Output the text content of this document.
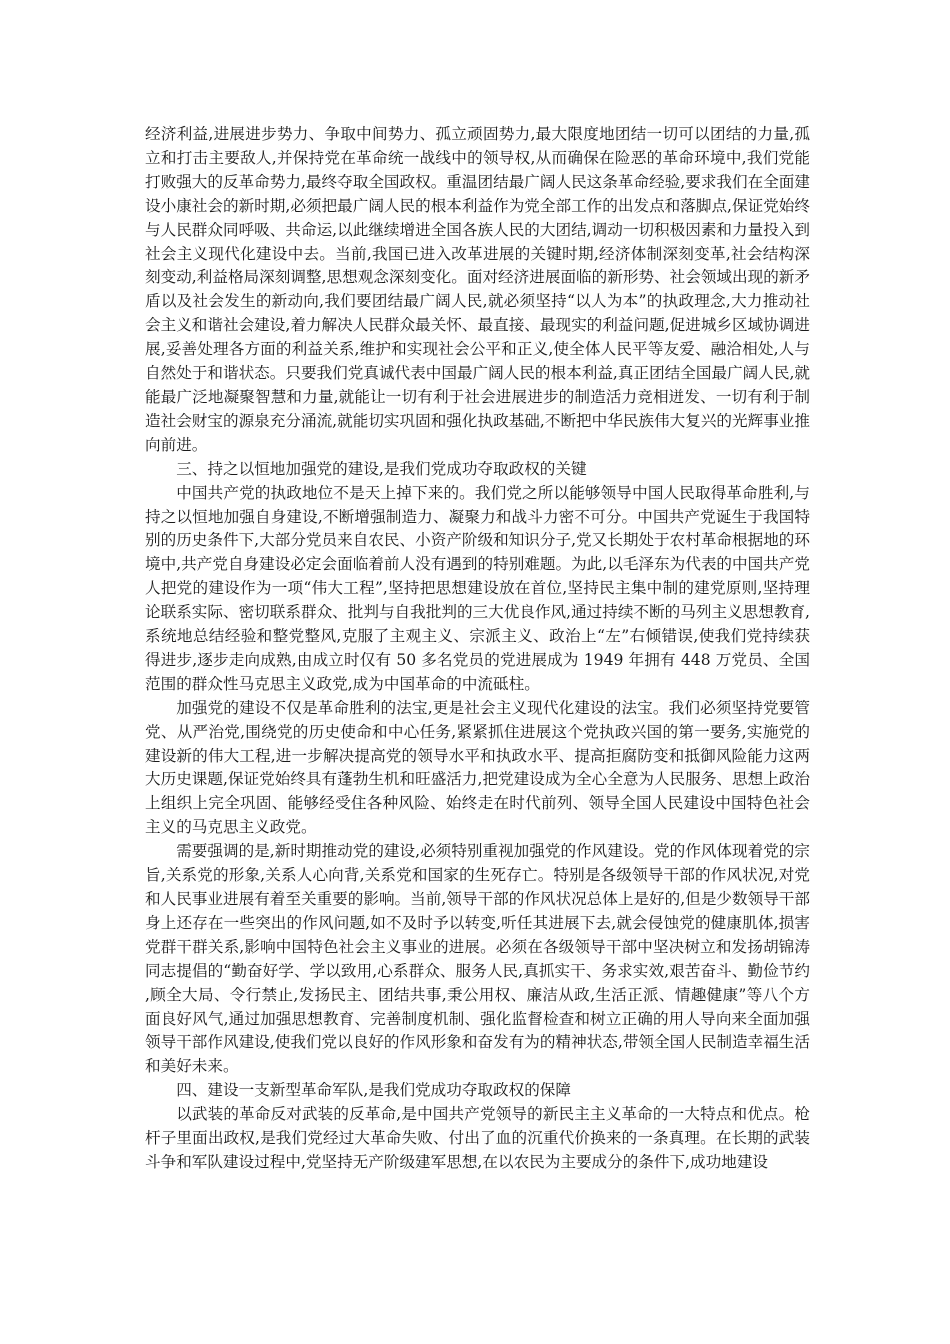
经济利益,进展进步势力、争取中间势力、孤立顽固势力,最大限度地团结一切可以团结的力量,孤立和打击主要敌人,并保持党在革命统一战线中的领导权,从而确保在险恶的革命环境中,我们党能打败强大的反革命势力,最终夺取全国政权。重温团结最广阔人民这条革命经验,要求我们在全面建设小康社会的新时期,必须把最广阔人民的根本利益作为党全部工作的出发点和落脚点,保证党始终与人民群众同呼吸、共命运,以此继续增进全国各族人民的大团结,调动一切积极因素和力量投入到社会主义现代化建设中去。当前,我国已进入改革进展的关键时期,经济体制深刻变革,社会结构深刻变动,利益格局深刻调整,思想观念深刻变化。面对经济进展面临的新形势、社会领域出现的新矛盾以及社会发生的新动向,我们要团结最广阔人民,就必须坚持“以人为本”的执政理念,大力推动社会主义和谐社会建设,着力解决人民群众最关怀、最直接、最现实的利益问题,促进城乡区域协调进展,妥善处理各方面的利益关系,维护和实现社会公平和正义,使全体人民平等友爱、融洽相处,人与自然处于和谐状态。只要我们党真诚代表中国最广阔人民的根本利益,真正团结全国最广阔人民,就能最广泛地凝聚智慧和力量,就能让一切有利于社会进展进步的制造活力竞相迸发、一切有利于制造社会财宝的源泉充分涌流,就能切实巩固和强化执政基础,不断把中华民族伟大复兴的光辉事业推向前进。

三、持之以恒地加强党的建设,是我们党成功夺取政权的关键

中国共产党的执政地位不是天上掉下来的。我们党之所以能够领导中国人民取得革命胜利,与持之以恒地加强自身建设,不断增强制造力、凝聚力和战斗力密不可分。中国共产党诞生于我国特别的历史条件下,大部分党员来自农民、小资产阶级和知识分子,党又长期处于农村革命根据地的环境中,共产党自身建设必定会面临着前人没有遇到的特别难题。为此,以毛泽东为代表的中国共产党人把党的建设作为一项“伟大工程”,坚持把思想建设放在首位,坚持民主集中制的建党原则,坚持理论联系实际、密切联系群众、批判与自我批判的三大优良作风,通过持续不断的马列主义思想教育,系统地总结经验和整党整风,克服了主观主义、宗派主义、政治上“左”右倾错误,使我们党持续获得进步,逐步走向成熟,由成立时仅有 50 多名党员的党进展成为 1949 年拥有 448 万党员、全国范围的群众性马克思主义政党,成为中国革命的中流砥柱。

加强党的建设不仅是革命胜利的法宝,更是社会主义现代化建设的法宝。我们必须坚持党要管党、从严治党,围绕党的历史使命和中心任务,紧紧抓住进展这个党执政兴国的第一要务,实施党的建设新的伟大工程,进一步解决提高党的领导水平和执政水平、提高拒腐防变和抵御风险能力这两大历史课题,保证党始终具有蓬勃生机和旺盛活力,把党建设成为全心全意为人民服务、思想上政治上组织上完全巩固、能够经受住各种风险、始终走在时代前列、领导全国人民建设中国特色社会主义的马克思主义政党。

需要强调的是,新时期推动党的建设,必须特别重视加强党的作风建设。党的作风体现着党的宗旨,关系党的形象,关系人心向背,关系党和国家的生死存亡。特别是各级领导干部的作风状况,对党和人民事业进展有着至关重要的影响。当前,领导干部的作风状况总体上是好的,但是少数领导干部身上还存在一些突出的作风问题,如不及时予以转变,听任其进展下去,就会侵蚀党的健康肌体,损害党群干群关系,影响中国特色社会主义事业的进展。必须在各级领导干部中坚决树立和发扬胡锦涛同志提倡的“勤奋好学、学以致用,心系群众、服务人民,真抓实干、务求实效,艰苦奋斗、勤俭节约,顾全大局、令行禁止,发扬民主、团结共事,秉公用权、廉洁从政,生活正派、情趣健康”等八个方面良好风气,通过加强思想教育、完善制度机制、强化监督检查和树立正确的用人导向来全面加强领导干部作风建设,使我们党以良好的作风形象和奋发有为的精神状态,带领全国人民制造幸福生活和美好未来。

四、建设一支新型革命军队,是我们党成功夺取政权的保障

以武装的革命反对武装的反革命,是中国共产党领导的新民主主义革命的一大特点和优点。枪杆子里面出政权,是我们党经过大革命失败、付出了血的沉重代价换来的一条真理。在长期的武装斗争和军队建设过程中,党坚持无产阶级建军思想,在以农民为主要成分的条件下,成功地建设
